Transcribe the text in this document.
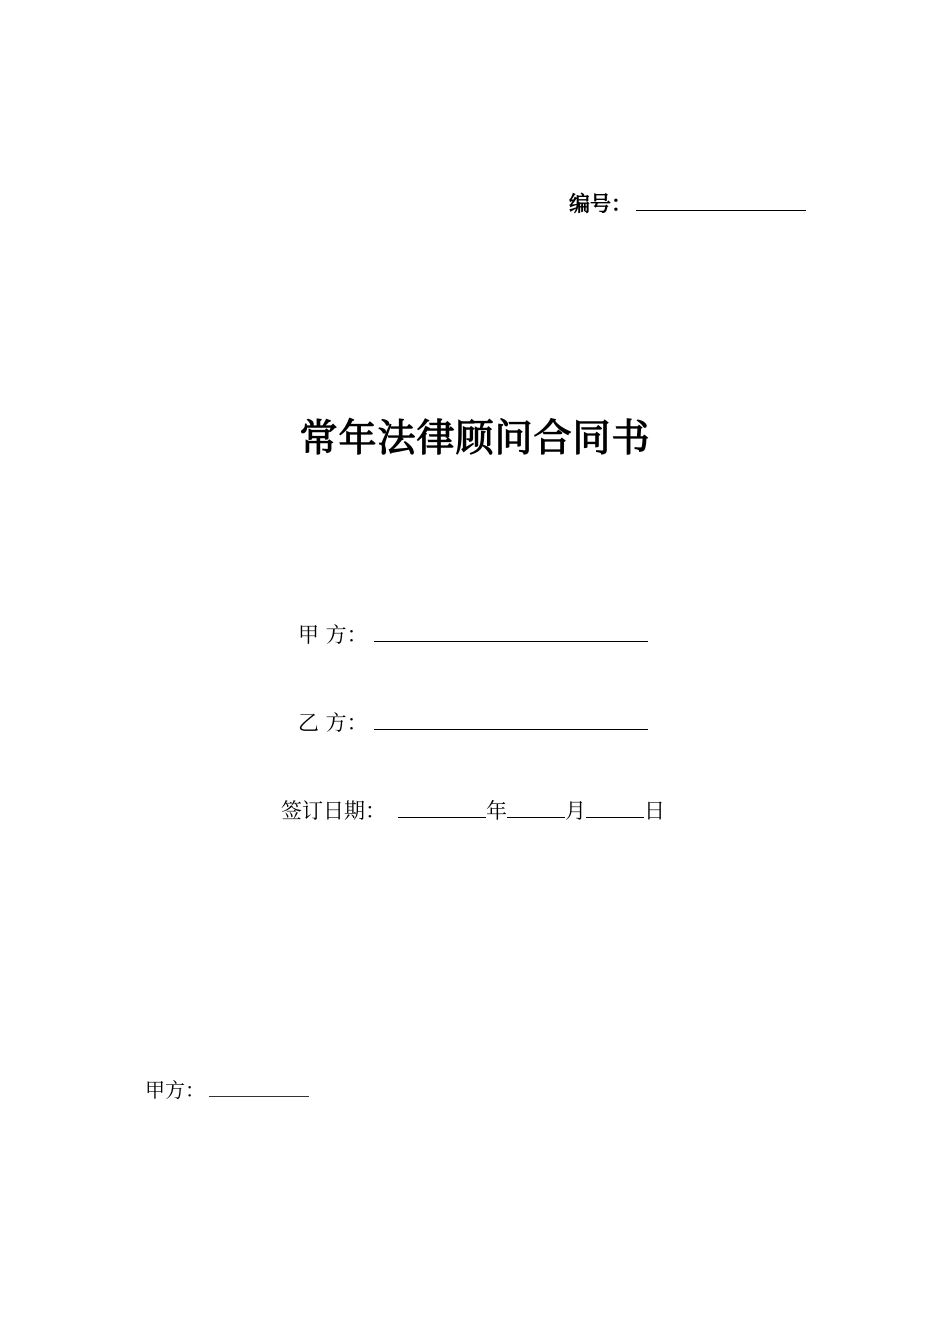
编号：
常年法律顾问合同书
甲 方：
乙 方：
签订日期：	年	月	日
甲方：
